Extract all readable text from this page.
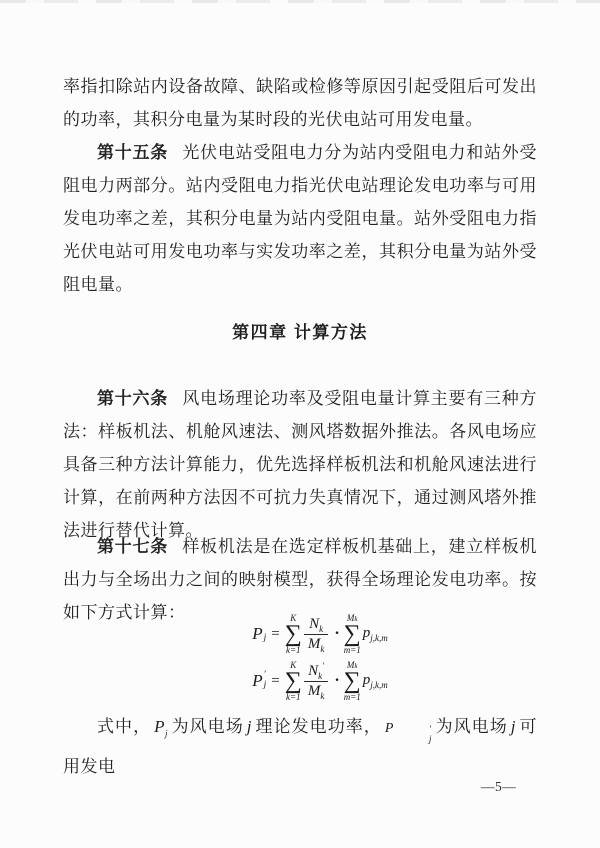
率指扣除站内设备故障、缺陷或检修等原因引起受阻后可发出的功率，其积分电量为某时段的光伏电站可用发电量。

第十五条 光伏电站受阻电力分为站内受阻电力和站外受阻电力两部分。站内受阻电力指光伏电站理论发电功率与可用发电功率之差，其积分电量为站内受阻电量。站外受阻电力指光伏电站可用发电功率与实发功率之差，其积分电量为站外受阻电量。

第四章 计算方法

第十六条 风电场理论功率及受阻电量计算主要有三种方法：样板机法、机舱风速法、测风塔数据外推法。各风电场应具备三种方法计算能力，优先选择样板机法和机舱风速法进行计算，在前两种方法因不可抗力失真情况下，通过测风塔外推法进行替代计算。

第十七条 样板机法是在选定样板机基础上，建立样板机出力与全场出力之间的映射模型，获得全场理论发电功率。按如下方式计算：

P j =
K
∑
$k=1 \frac{N_k}{M_k}$ ·
Mk
∑
m=1
$p_{j,k,m}$
P ′
j =
K
∑
$k=1 \frac{N_k'}{M_k}$ ·
Mk
∑
m=1
$p_{j,k,m}$

式中， $P_j$ 为风电场 j 理论发电功率， P	′
j
为风电场 j 可用发电

—5—
